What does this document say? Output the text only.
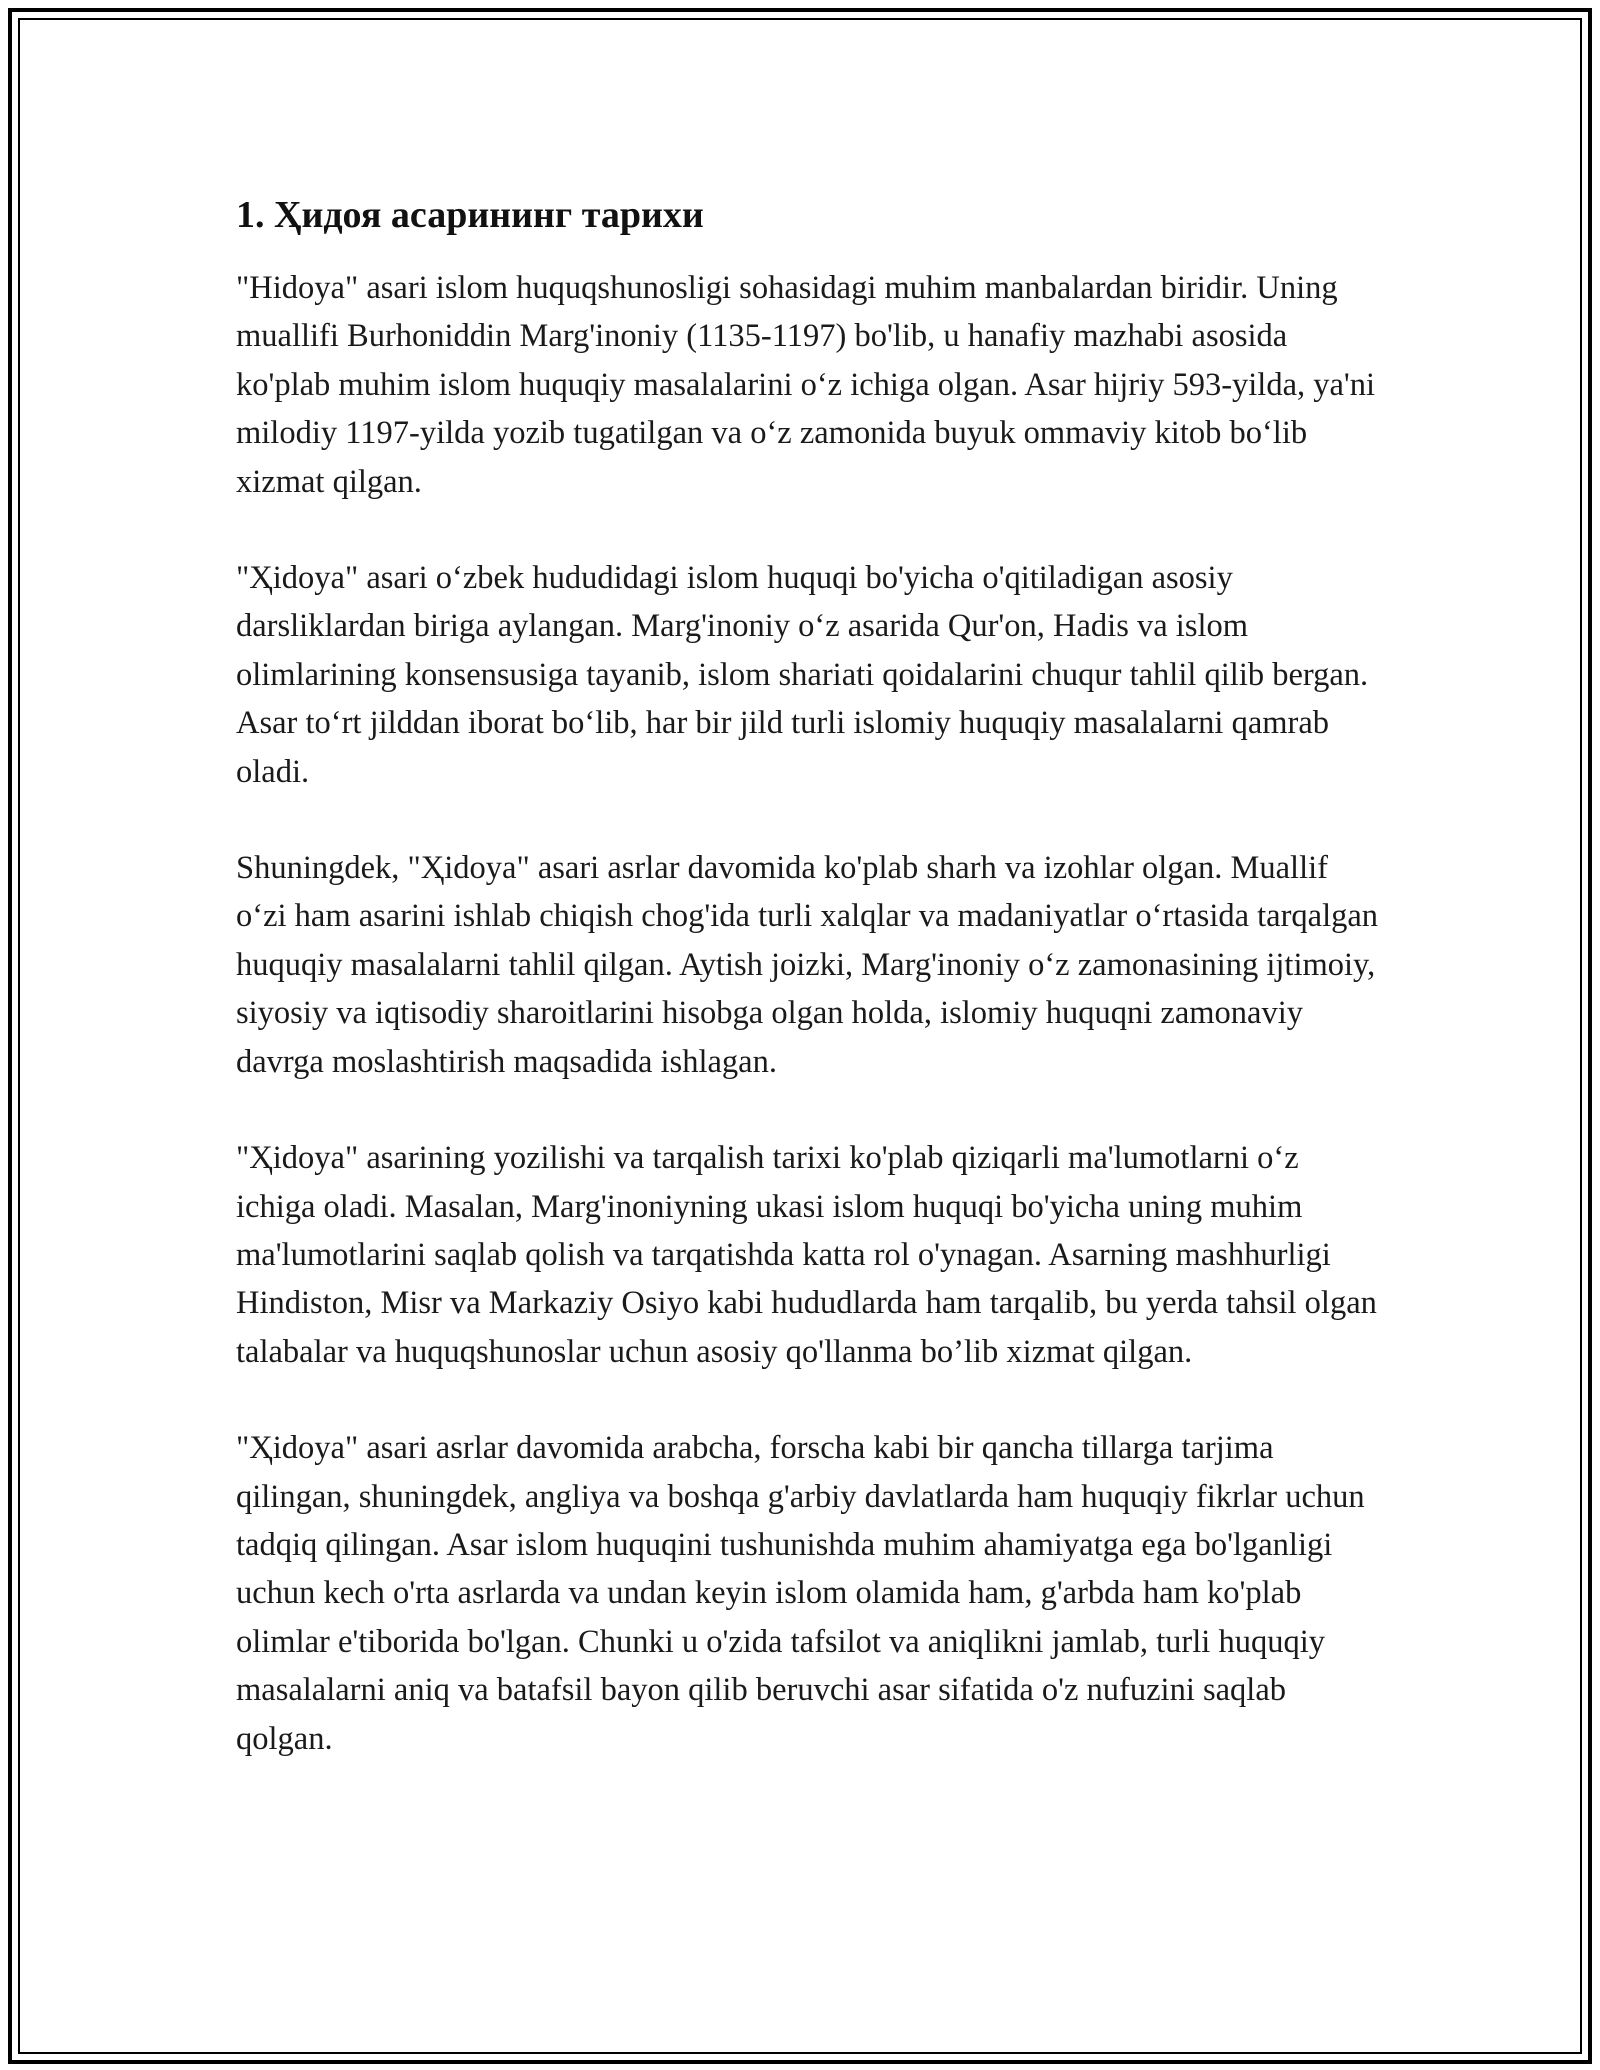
1. Ҳидоя асарининг тарихи

"Hidoya" asari islom huquqshunosligi sohasidagi muhim manbalardan biridir. Uning muallifi Burhoniddin Marg'inoniy (1135-1197) bo'lib, u hanafiy mazhabi asosida ko'plab muhim islom huquqiy masalalarini oʻz ichiga olgan. Asar hijriy 593-yilda, ya'ni milodiy 1197-yilda yozib tugatilgan va oʻz zamonida buyuk ommaviy kitob boʻlib xizmat qilgan.

"Ҳidoya" asari oʻzbek hududidagi islom huquqi bo'yicha o'qitiladigan asosiy darsliklardan biriga aylangan. Marg'inoniy oʻz asarida Qur'on, Hadis va islom olimlarining konsensusiga tayanib, islom shariati qoidalarini chuqur tahlil qilib bergan. Asar toʻrt jilddan iborat boʻlib, har bir jild turli islomiy huquqiy masalalarni qamrab oladi.

Shuningdek, "Ҳidoya" asari asrlar davomida ko'plab sharh va izohlar olgan. Muallif oʻzi ham asarini ishlab chiqish chog'ida turli xalqlar va madaniyatlar oʻrtasida tarqalgan huquqiy masalalarni tahlil qilgan. Aytish joizki, Marg'inoniy oʻz zamonasining ijtimoiy, siyosiy va iqtisodiy sharoitlarini hisobga olgan holda, islomiy huquqni zamonaviy davrga moslashtirish maqsadida ishlagan.

"Ҳidoya" asarining yozilishi va tarqalish tarixi ko'plab qiziqarli ma'lumotlarni oʻz ichiga oladi. Masalan, Marg'inoniyning ukasi islom huquqi bo'yicha uning muhim ma'lumotlarini saqlab qolish va tarqatishda katta rol o'ynagan. Asarning mashhurligi Hindiston, Misr va Markaziy Osiyo kabi hududlarda ham tarqalib, bu yerda tahsil olgan talabalar va huquqshunoslar uchun asosiy qo'llanma bo’lib xizmat qilgan.

"Ҳidoya" asari asrlar davomida arabcha, forscha kabi bir qancha tillarga tarjima qilingan, shuningdek, angliya va boshqa g'arbiy davlatlarda ham huquqiy fikrlar uchun tadqiq qilingan. Asar islom huquqini tushunishda muhim ahamiyatga ega bo'lganligi uchun kech o'rta asrlarda va undan keyin islom olamida ham, g'arbda ham ko'plab olimlar e'tiborida bo'lgan. Chunki u o'zida tafsilot va aniqlikni jamlab, turli huquqiy masalalarni aniq va batafsil bayon qilib beruvchi asar sifatida o'z nufuzini saqlab qolgan.
